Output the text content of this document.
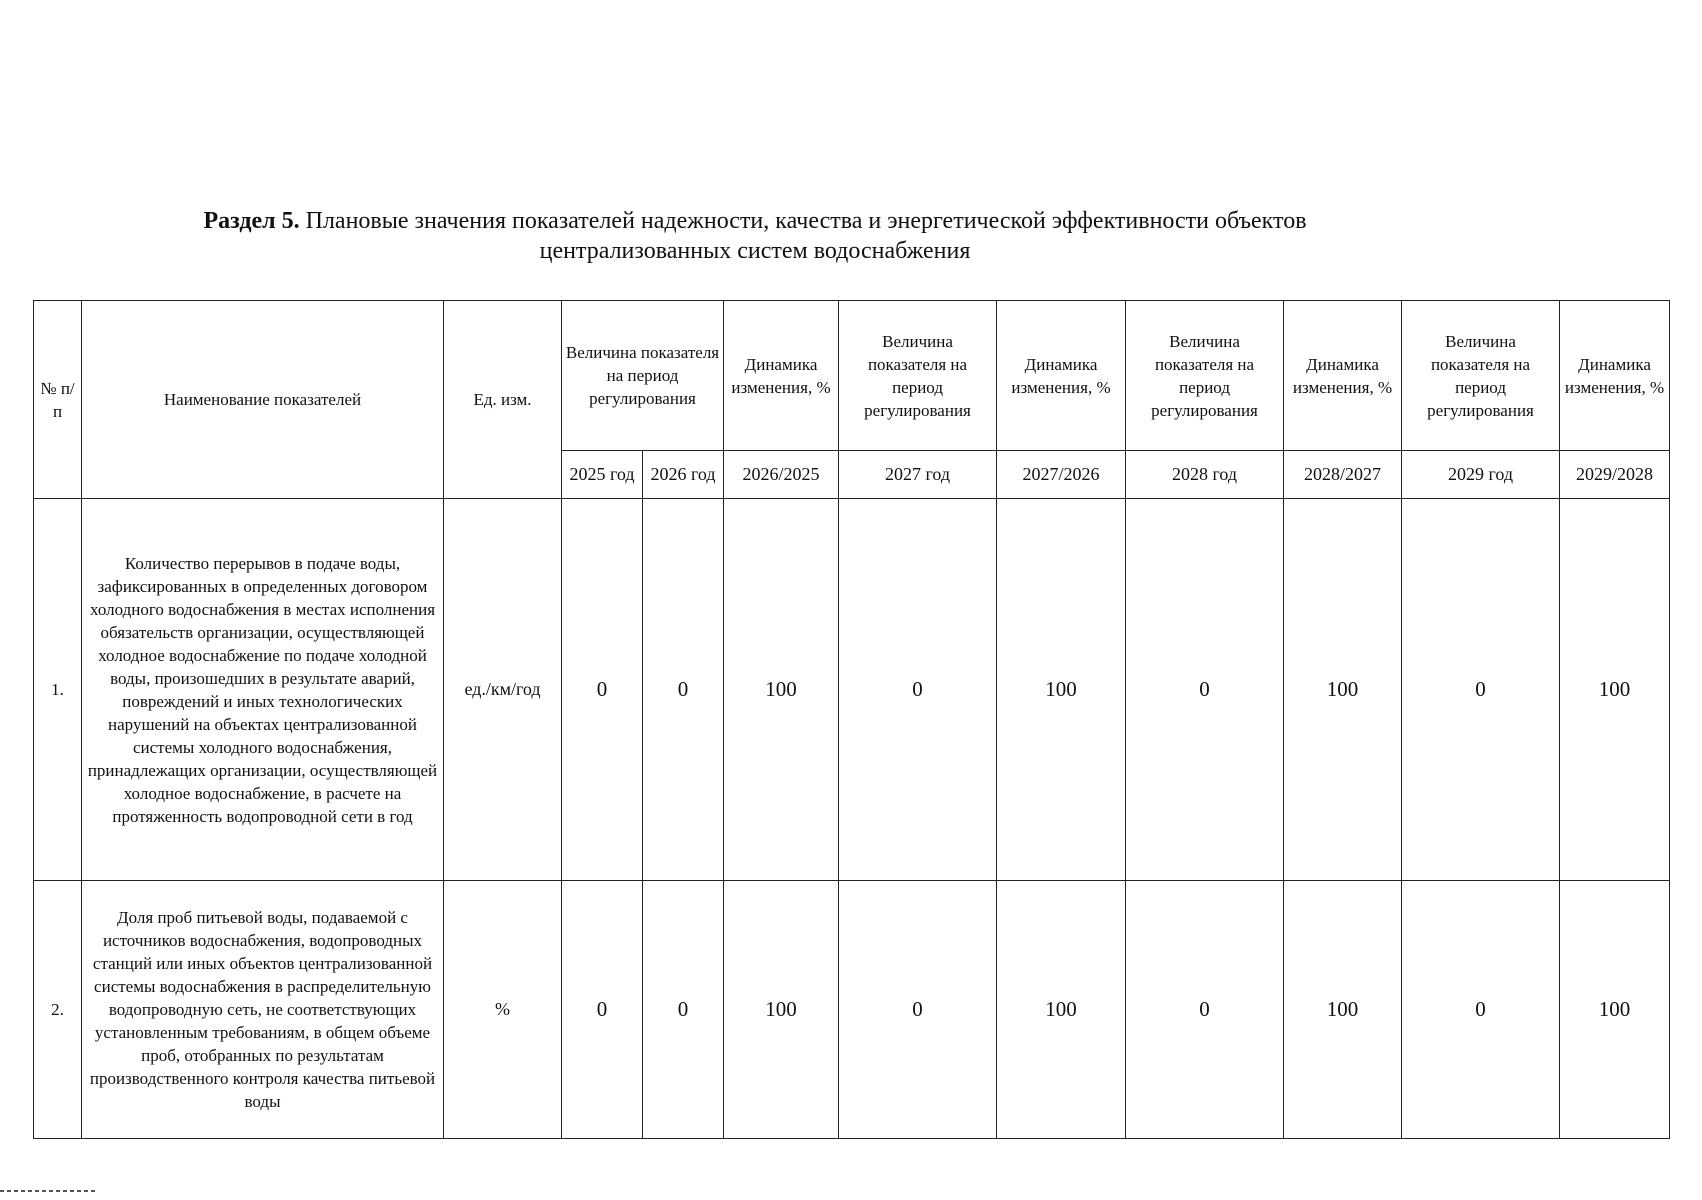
Раздел 5. Плановые значения показателей надежности, качества и энергетической эффективности объектов централизованных систем водоснабжения
№ п/п	Наименование показателей	Ед. изм.	Величина показателя на период регулирования		Динамика изменения, %	Величина показателя на период регулирования	Динамика изменения, %	Величина показателя на период регулирования	Динамика изменения, %	Величина показателя на период регулирования	Динамика изменения, %
			2025 год	2026 год	2026/2025	2027 год	2027/2026	2028 год	2028/2027	2029 год	2029/2028
1.	Количество перерывов в подаче воды, зафиксированных в определенных договором холодного водоснабжения в местах исполнения обязательств организации, осуществляющей холодное водоснабжение по подаче холодной воды, произошедших в результате аварий, повреждений и иных технологических нарушений на объектах централизованной системы холодного водоснабжения, принадлежащих организации, осуществляющей холодное водоснабжение, в расчете на протяженность водопроводной сети в год	ед./км/год	0	0	100	0	100	0	100	0	100
2.	Доля проб питьевой воды, подаваемой с источников водоснабжения, водопроводных станций или иных объектов централизованной системы водоснабжения в распределительную водопроводную сеть, не соответствующих установленным требованиям, в общем объеме проб, отобранных по результатам производственного контроля качества питьевой воды	%	0	0	100	0	100	0	100	0	100
